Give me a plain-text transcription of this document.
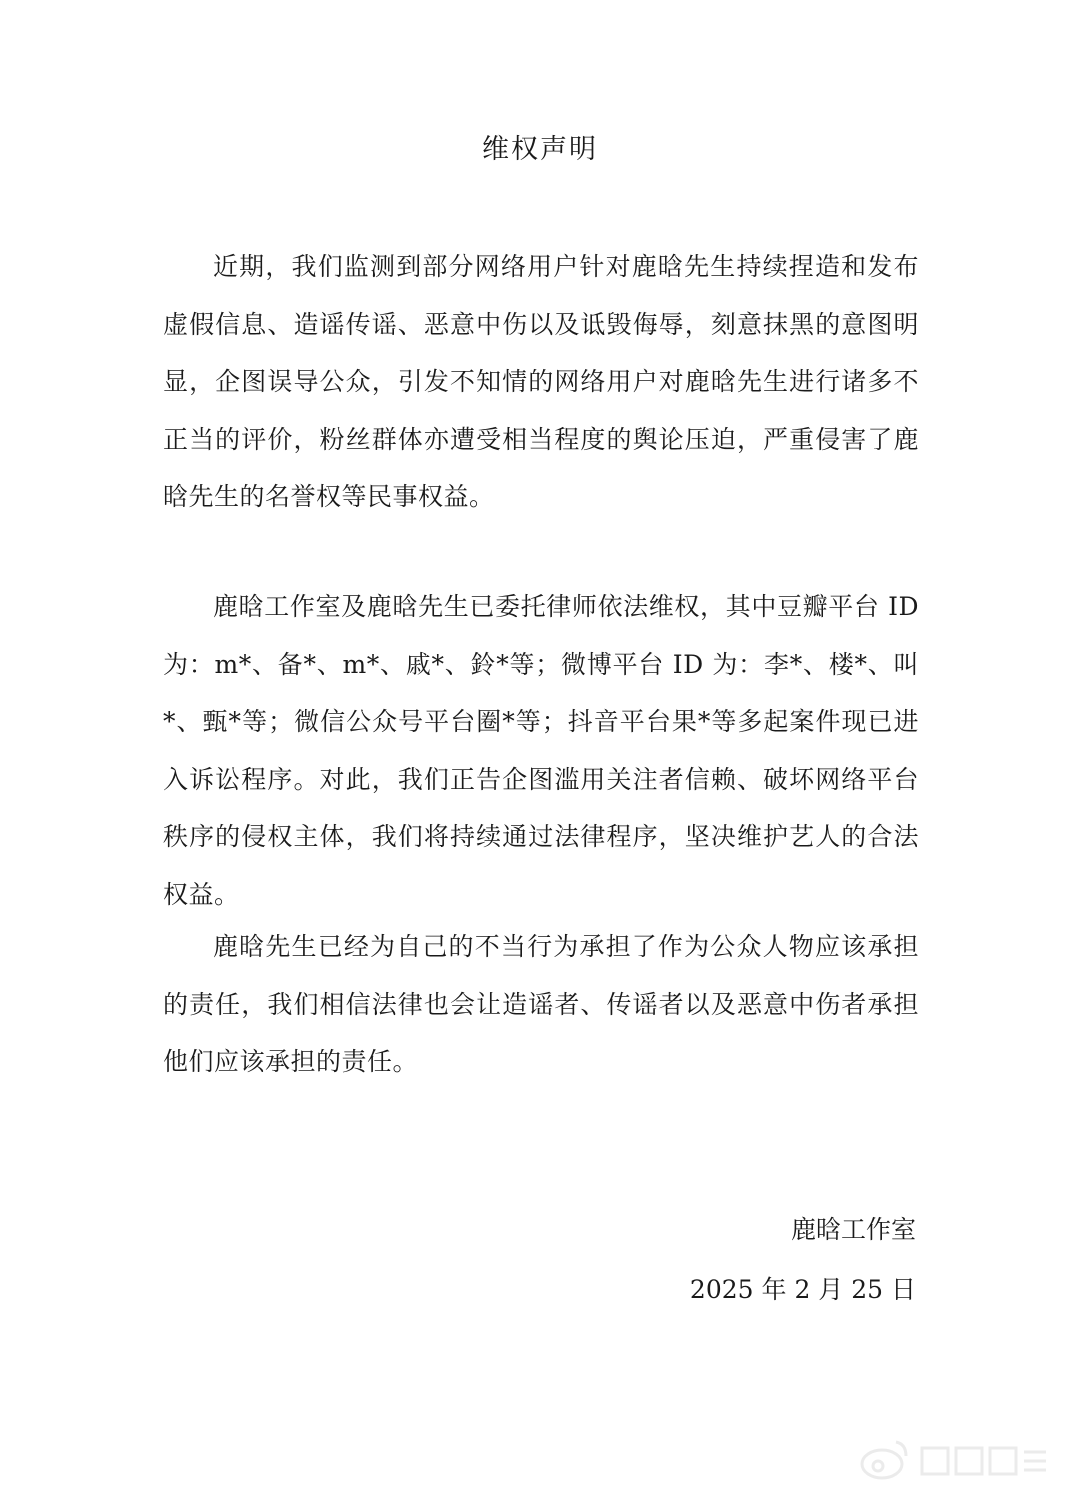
维权声明

近期，我们监测到部分网络用户针对鹿晗先生持续捏造和发布虚假信息、造谣传谣、恶意中伤以及诋毁侮辱，刻意抹黑的意图明显，企图误导公众，引发不知情的网络用户对鹿晗先生进行诸多不正当的评价，粉丝群体亦遭受相当程度的舆论压迫，严重侵害了鹿晗先生的名誉权等民事权益。

鹿晗工作室及鹿晗先生已委托律师依法维权，其中豆瓣平台 ID 为：m*、备*、m*、戚*、鈴*等；微博平台 ID 为：李*、楼*、叫*、甄*等；微信公众号平台圈*等；抖音平台果*等多起案件现已进入诉讼程序。对此，我们正告企图滥用关注者信赖、破坏网络平台秩序的侵权主体，我们将持续通过法律程序，坚决维护艺人的合法权益。

鹿晗先生已经为自己的不当行为承担了作为公众人物应该承担的责任，我们相信法律也会让造谣者、传谣者以及恶意中伤者承担他们应该承担的责任。

鹿晗工作室
2025 年 2 月 25 日
